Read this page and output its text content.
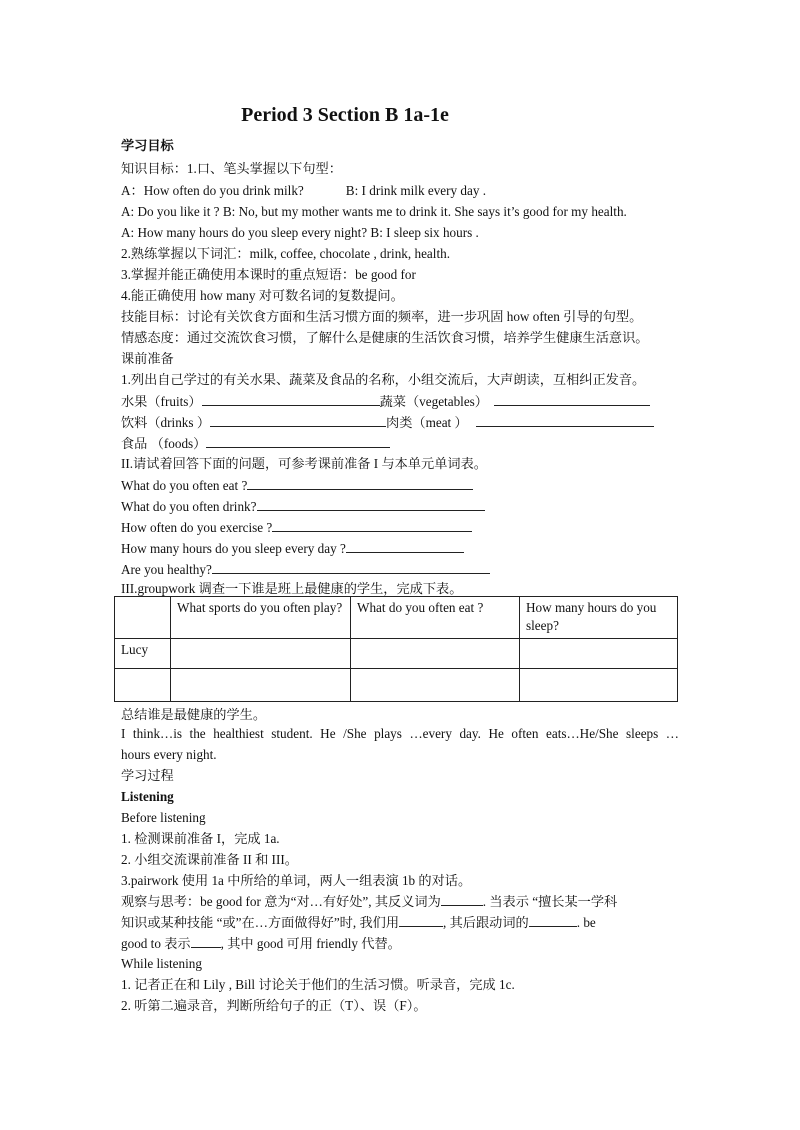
Period 3 Section B 1a-1e
学习目标
知识目标：1.口、笔头掌握以下句型：
A：How often do you drink milk?	B: I drink milk every day .
A: Do you like it ? B: No, but my mother wants me to drink it. She says it’s good for my health.
A: How many hours do you sleep every night? B: I sleep six hours .
2.熟练掌握以下词汇：milk, coffee, chocolate , drink, health.
3.掌握并能正确使用本课时的重点短语：be good for
4.能正确使用 how many 对可数名词的复数提问。
技能目标：讨论有关饮食方面和生活习惯方面的频率，进一步巩固 how often 引导的句型。
情感态度：通过交流饮食习惯，了解什么是健康的生活饮食习惯，培养学生健康生活意识。
课前准备
1.列出自己学过的有关水果、蔬菜及食品的名称，小组交流后，大声朗读，互相纠正发音。
水果（fruits）	蔬菜（vegetables）
饮料（drinks ）	肉类（meat ）
食品 （foods）
II.请试着回答下面的问题，可参考课前准备 I 与本单元单词表。
What do you often eat ?
What do you often drink?
How often do you exercise ?
How many hours do you sleep every day ?
Are you healthy?
III.groupwork 调查一下谁是班上最健康的学生，完成下表。
	What sports do you often play?	What do you often eat ?	How many hours do you sleep?
Lucy			

总结谁是最健康的学生。
I think…is the healthiest student. He /She plays …every day. He often eats…He/She sleeps …
hours every night.
学习过程
Listening
Before listening
1. 检测课前准备 I，完成 1a.
2. 小组交流课前准备 II 和 III。
3.pairwork 使用 1a 中所给的单词，两人一组表演 1b 的对话。
观察与思考：be good for 意为“对…有好处”, 其反义词为	. 当表示 “擅长某一学科
知识或某种技能 “或”在…方面做得好”时, 我们用	, 其后跟动词的	. be
good to 表示 , 其中 good 可用 friendly 代替。
While listening
1. 记者正在和 Lily , Bill 讨论关于他们的生活习惯。听录音，完成 1c.
2. 听第二遍录音，判断所给句子的正（T）、误（F）。
